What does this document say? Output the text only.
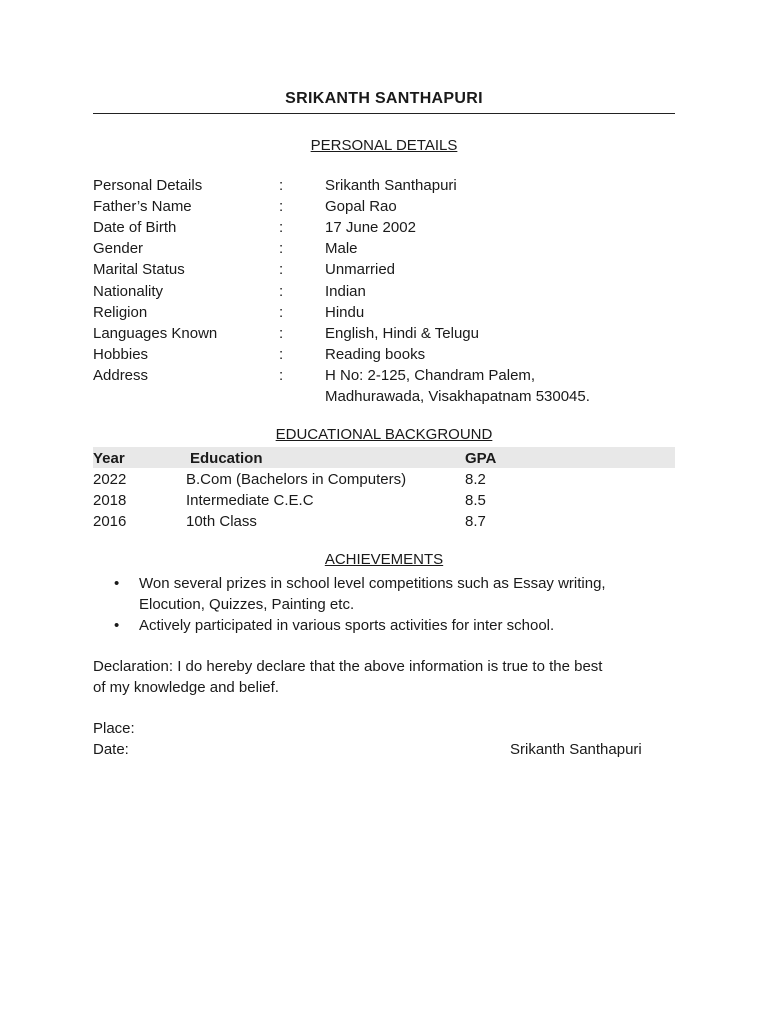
SRIKANTH SANTHAPURI
PERSONAL DETAILS
Personal Details	:	Srikanth Santhapuri
Father’s Name	:	Gopal Rao
Date of Birth	:	17 June 2002
Gender	:	Male
Marital Status	:	Unmarried
Nationality	:	Indian
Religion	:	Hindu
Languages Known	:	English, Hindi & Telugu
Hobbies	:	Reading books
Address	:	H No: 2-125, Chandram Palem,
Madhurawada, Visakhapatnam 530045.
EDUCATIONAL BACKGROUND
Year	Education	GPA
2022	B.Com (Bachelors in Computers)	8.2
2018	Intermediate C.E.C	8.5
2016	10th Class	8.7
ACHIEVEMENTS
• Won several prizes in school level competitions such as Essay writing,
Elocution, Quizzes, Painting etc.
• Actively participated in various sports activities for inter school.
Declaration: I do hereby declare that the above information is true to the best
of my knowledge and belief.
Place:
Date:	Srikanth Santhapuri
